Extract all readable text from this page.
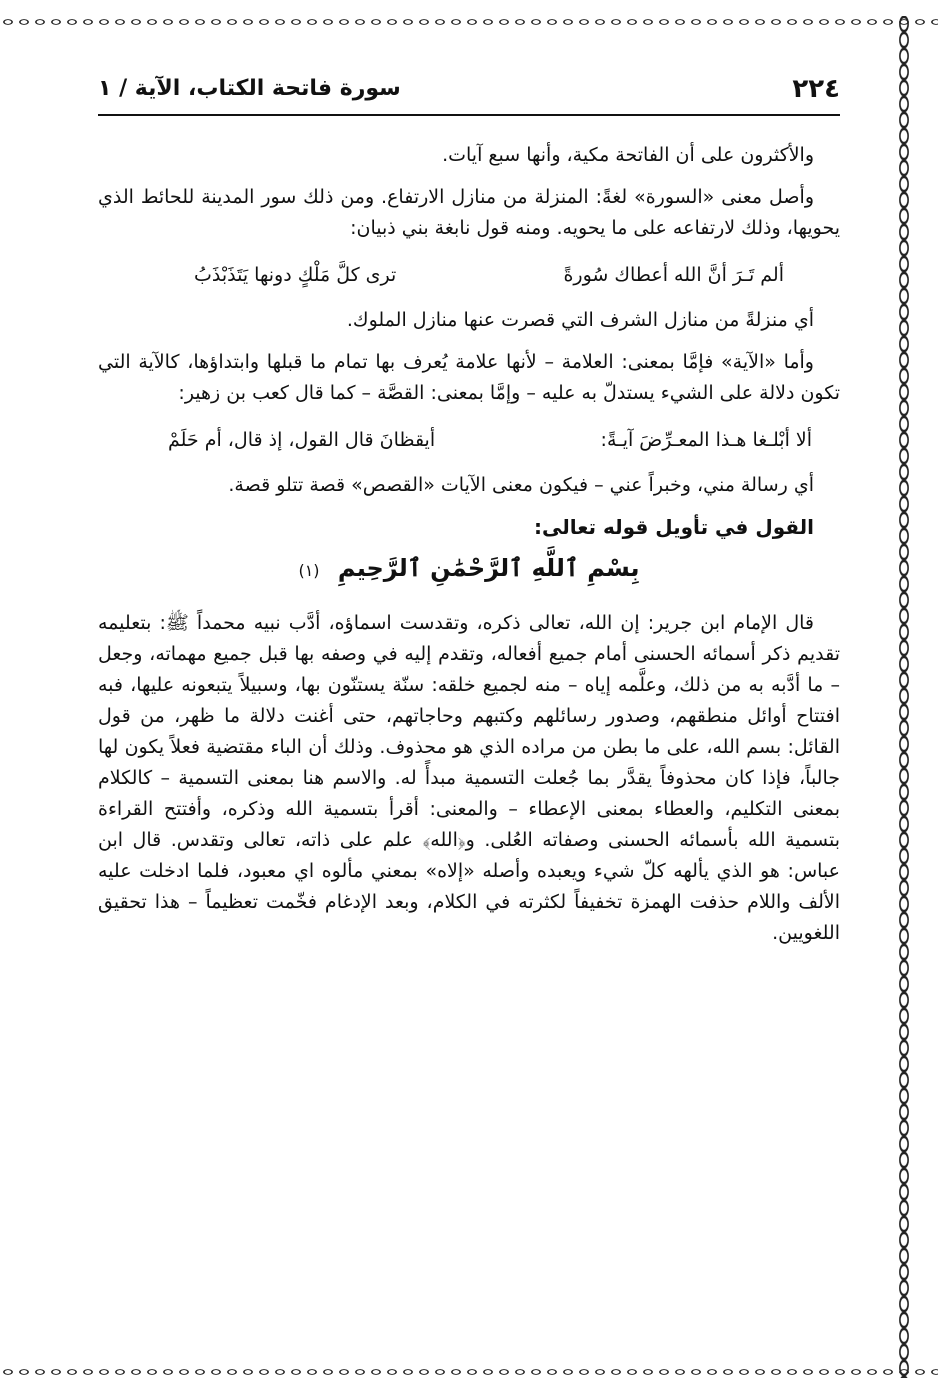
سورة فاتحة الكتاب، الآية / ١	٢٢٤

والأكثرون على أن الفاتحة مكية، وأنها سبع آيات.

وأصل معنى «السورة» لغةً: المنزلة من منازل الارتفاع. ومن ذلك سور المدينة للحائط الذي يحويها، وذلك لارتفاعه على ما يحويه. ومنه قول نابغة بني ذبيان:

ألم تَـرَ أنَّ الله أعطاك سُورةً
ترى كلَّ مَلْكٍ دونها يَتَذَبْذَبُ

أي منزلةً من منازل الشرف التي قصرت عنها منازل الملوك.

وأما «الآية» فإمَّا بمعنى: العلامة – لأنها علامة يُعرف بها تمام ما قبلها وابتداؤها، كالآية التي تكون دلالة على الشيء يستدلّ به عليه – وإمَّا بمعنى: القصَّة – كما قال كعب بن زهير:

ألا أبْلـغا هـذا المعـرِّضَ آيـةً:
أيقظانَ قال القول، إذ قال، أم حَلَمْ

أي رسالة مني، وخبراً عني – فيكون معنى الآيات «القصص» قصة تتلو قصة.

القول في تأويل قوله تعالى:
بِسْمِ ٱللَّهِ ٱلرَّحْمَٰنِ ٱلرَّحِيمِ (١)

قال الإمام ابن جرير: إن الله، تعالى ذكره، وتقدست اسماؤه، أدَّب نبيه محمداً ﷺ: بتعليمه تقديم ذكر أسمائه الحسنى أمام جميع أفعاله، وتقدم إليه في وصفه بها قبل جميع مهماته، وجعل – ما أدَّبه به من ذلك، وعلَّمه إياه – منه لجميع خلقه: سنّة يستنّون بها، وسبيلاً يتبعونه عليها، فبه افتتاح أوائل منطقهم، وصدور رسائلهم وكتبهم وحاجاتهم، حتى أغنت دلالة ما ظهر، من قول القائل: بسم الله، على ما بطن من مراده الذي هو محذوف. وذلك أن الباء مقتضية فعلاً يكون لها جالباً، فإذا كان محذوفاً يقدَّر بما جُعلت التسمية مبدأً له. والاسم هنا بمعنى التسمية – كالكلام بمعنى التكليم، والعطاء بمعنى الإعطاء – والمعنى: أقرأ بتسمية الله وذكره، وأفتتح القراءة بتسمية الله بأسمائه الحسنى وصفاته العُلى. و﴿الله﴾ علم على ذاته، تعالى وتقدس. قال ابن عباس: هو الذي يألهه كلّ شيء ويعبده وأصله «إلاه» بمعني مألوه اي معبود، فلما ادخلت عليه الألف واللام حذفت الهمزة تخفيفاً لكثرته في الكلام، وبعد الإدغام فخّمت تعظيماً – هذا تحقيق اللغويين.
